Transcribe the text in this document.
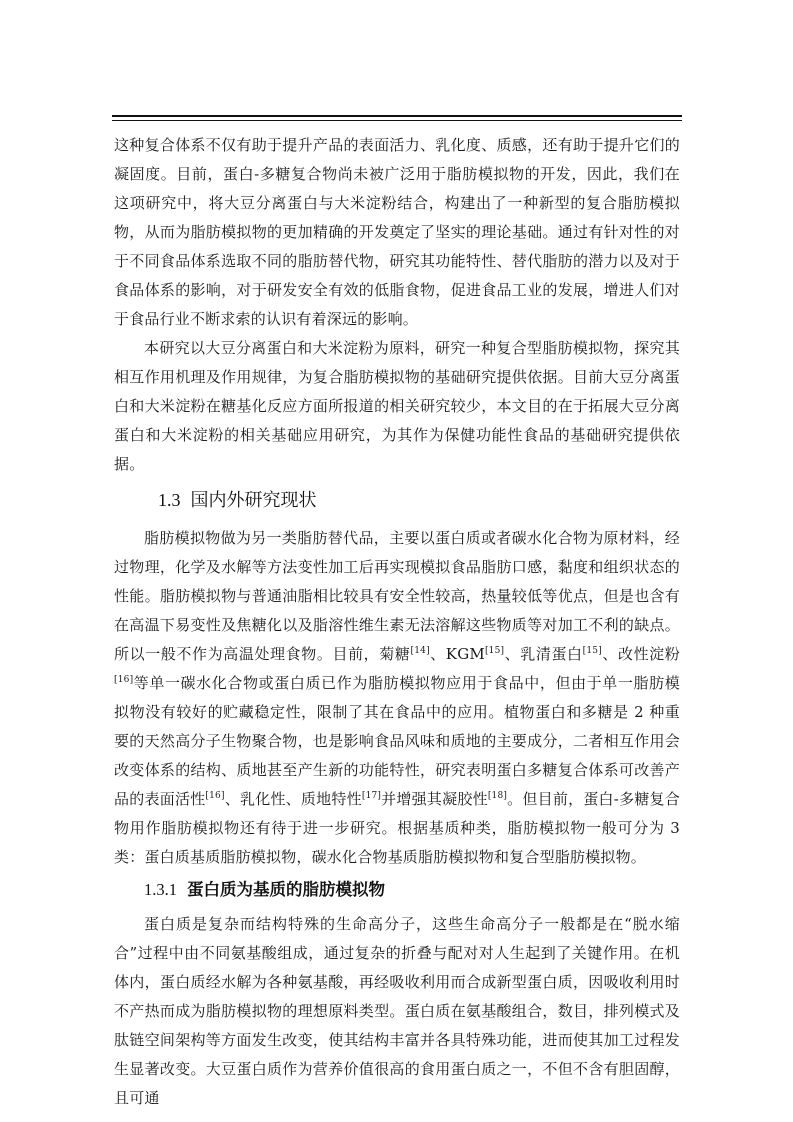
这种复合体系不仅有助于提升产品的表面活力、乳化度、质感，还有助于提升它们的凝固度。目前，蛋白-多糖复合物尚未被广泛用于脂肪模拟物的开发，因此，我们在这项研究中，将大豆分离蛋白与大米淀粉结合，构建出了一种新型的复合脂肪模拟物，从而为脂肪模拟物的更加精确的开发奠定了坚实的理论基础。通过有针对性的对于不同食品体系选取不同的脂肪替代物，研究其功能特性、替代脂肪的潜力以及对于食品体系的影响，对于研发安全有效的低脂食物，促进食品工业的发展，增进人们对于食品行业不断求索的认识有着深远的影响。

本研究以大豆分离蛋白和大米淀粉为原料，研究一种复合型脂肪模拟物，探究其相互作用机理及作用规律，为复合脂肪模拟物的基础研究提供依据。目前大豆分离蛋白和大米淀粉在糖基化反应方面所报道的相关研究较少，本文目的在于拓展大豆分离蛋白和大米淀粉的相关基础应用研究，为其作为保健功能性食品的基础研究提供依据。

1.3 国内外研究现状

脂肪模拟物做为另一类脂肪替代品，主要以蛋白质或者碳水化合物为原材料，经过物理，化学及水解等方法变性加工后再实现模拟食品脂肪口感，黏度和组织状态的性能。脂肪模拟物与普通油脂相比较具有安全性较高，热量较低等优点，但是也含有在高温下易变性及焦糖化以及脂溶性维生素无法溶解这些物质等对加工不利的缺点。所以一般不作为高温处理食物。目前，菊糖[14]、KGM[15]、乳清蛋白[15]、改性淀粉[16]等单一碳水化合物或蛋白质已作为脂肪模拟物应用于食品中，但由于单一脂肪模拟物没有较好的贮藏稳定性，限制了其在食品中的应用。植物蛋白和多糖是 2 种重要的天然高分子生物聚合物，也是影响食品风味和质地的主要成分，二者相互作用会改变体系的结构、质地甚至产生新的功能特性，研究表明蛋白多糖复合体系可改善产品的表面活性[16]、乳化性、质地特性[17]并增强其凝胶性[18]。但目前，蛋白-多糖复合物用作脂肪模拟物还有待于进一步研究。根据基质种类，脂肪模拟物一般可分为 3 类：蛋白质基质脂肪模拟物，碳水化合物基质脂肪模拟物和复合型脂肪模拟物。

1.3.1 蛋白质为基质的脂肪模拟物

蛋白质是复杂而结构特殊的生命高分子，这些生命高分子一般都是在“脱水缩合”过程中由不同氨基酸组成，通过复杂的折叠与配对对人生起到了关键作用。在机体内，蛋白质经水解为各种氨基酸，再经吸收利用而合成新型蛋白质，因吸收利用时不产热而成为脂肪模拟物的理想原料类型。蛋白质在氨基酸组合，数目，排列模式及肽链空间架构等方面发生改变，使其结构丰富并各具特殊功能，进而使其加工过程发生显著改变。大豆蛋白质作为营养价值很高的食用蛋白质之一，不但不含有胆固醇，且可通
